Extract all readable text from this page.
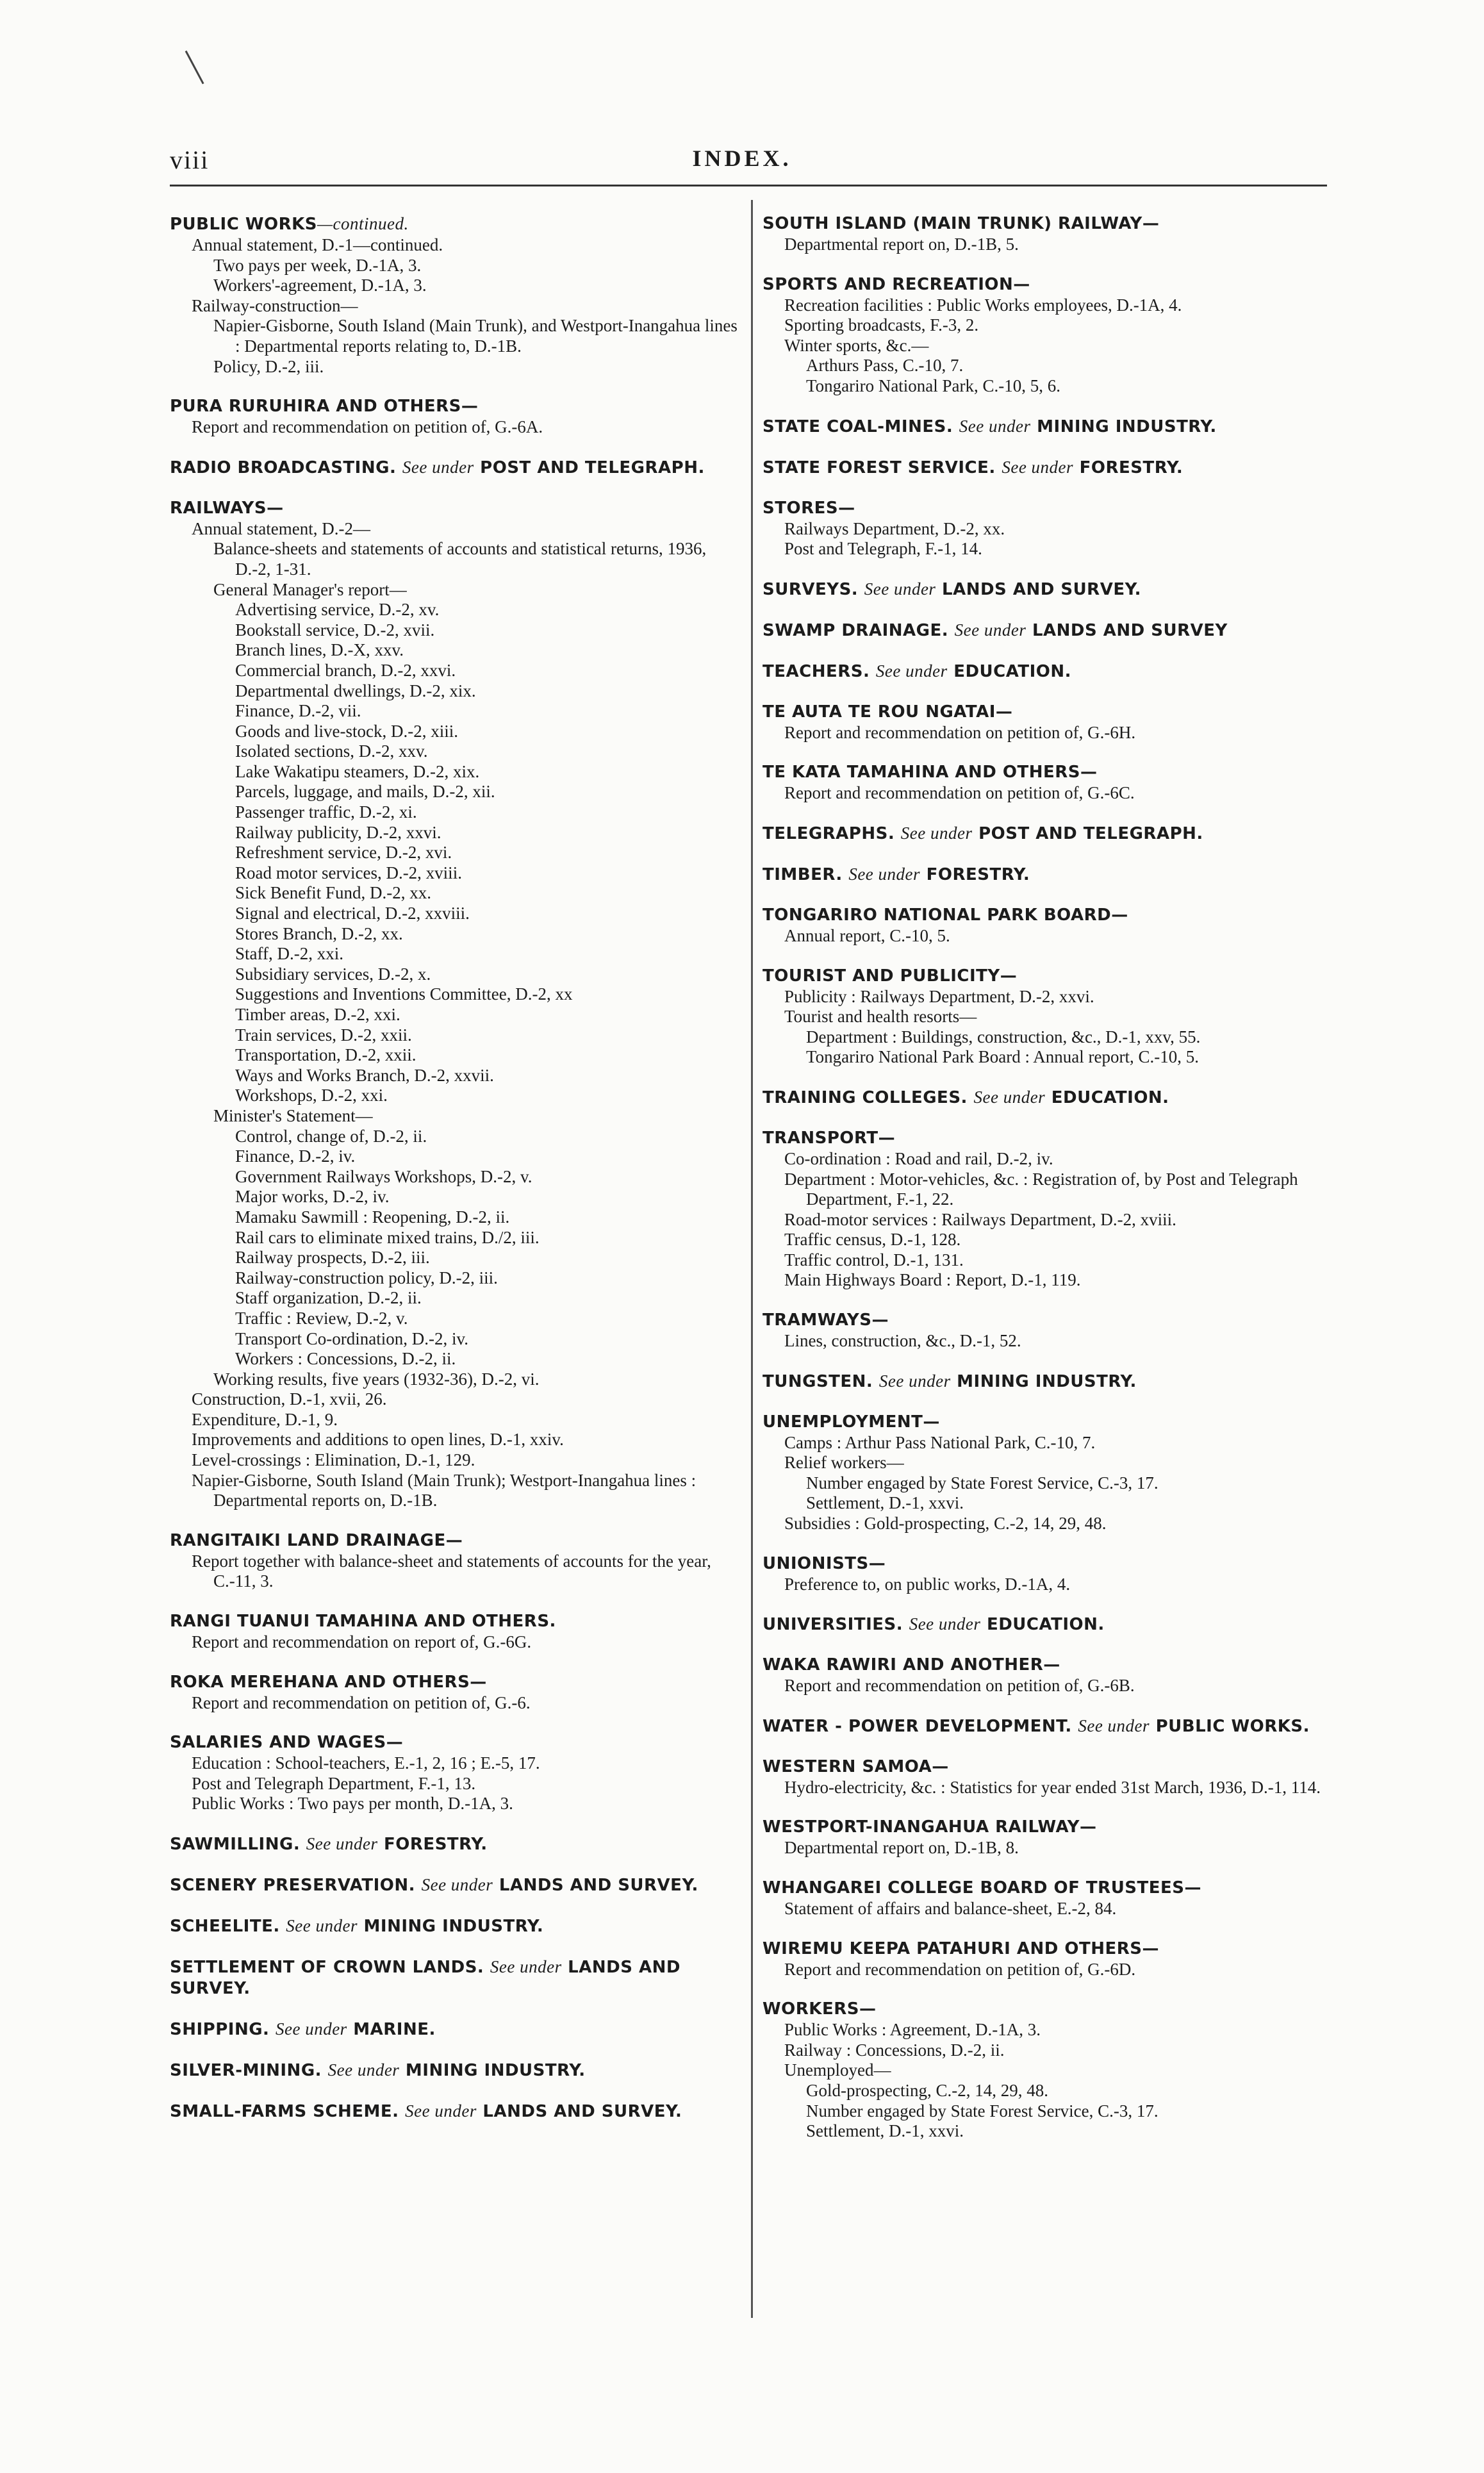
viii	INDEX.
PUBLIC WORKS—continued.
Annual statement, D.-1—continued.
Two pays per week, D.-1A, 3.
Workers'-agreement, D.-1A, 3.
Railway-construction—
Napier-Gisborne, South Island (Main Trunk), and Westport-Inangahua lines : Departmental reports relating to, D.-1B.
Policy, D.-2, iii.
PURA RURUHIRA AND OTHERS—
Report and recommendation on petition of, G.-6A.
RADIO BROADCASTING. See under POST AND TELEGRAPH.
RAILWAYS—
Annual statement, D.-2—
Balance-sheets and statements of accounts and statistical returns, 1936, D.-2, 1-31.
General Manager's report—
Advertising service, D.-2, xv.
Bookstall service, D.-2, xvii.
Branch lines, D.-X, xxv.
Commercial branch, D.-2, xxvi.
Departmental dwellings, D.-2, xix.
Finance, D.-2, vii.
Goods and live-stock, D.-2, xiii.
Isolated sections, D.-2, xxv.
Lake Wakatipu steamers, D.-2, xix.
Parcels, luggage, and mails, D.-2, xii.
Passenger traffic, D.-2, xi.
Railway publicity, D.-2, xxvi.
Refreshment service, D.-2, xvi.
Road motor services, D.-2, xviii.
Sick Benefit Fund, D.-2, xx.
Signal and electrical, D.-2, xxviii.
Stores Branch, D.-2, xx.
Staff, D.-2, xxi.
Subsidiary services, D.-2, x.
Suggestions and Inventions Committee, D.-2, xx
Timber areas, D.-2, xxi.
Train services, D.-2, xxii.
Transportation, D.-2, xxii.
Ways and Works Branch, D.-2, xxvii.
Workshops, D.-2, xxi.
Minister's Statement—
Control, change of, D.-2, ii.
Finance, D.-2, iv.
Government Railways Workshops, D.-2, v.
Major works, D.-2, iv.
Mamaku Sawmill : Reopening, D.-2, ii.
Rail cars to eliminate mixed trains, D./2, iii.
Railway prospects, D.-2, iii.
Railway-construction policy, D.-2, iii.
Staff organization, D.-2, ii.
Traffic : Review, D.-2, v.
Transport Co-ordination, D.-2, iv.
Workers : Concessions, D.-2, ii.
Working results, five years (1932-36), D.-2, vi.
Construction, D.-1, xvii, 26.
Expenditure, D.-1, 9.
Improvements and additions to open lines, D.-1, xxiv.
Level-crossings : Elimination, D.-1, 129.
Napier-Gisborne, South Island (Main Trunk); Westport-Inangahua lines : Departmental reports on, D.-1B.
RANGITAIKI LAND DRAINAGE—
Report together with balance-sheet and statements of accounts for the year, C.-11, 3.
RANGI TUANUI TAMAHINA AND OTHERS.
Report and recommendation on report of, G.-6G.
ROKA MEREHANA AND OTHERS—
Report and recommendation on petition of, G.-6.
SALARIES AND WAGES—
Education : School-teachers, E.-1, 2, 16 ; E.-5, 17.
Post and Telegraph Department, F.-1, 13.
Public Works : Two pays per month, D.-1A, 3.
SAWMILLING. See under FORESTRY.
SCENERY PRESERVATION. See under LANDS AND SURVEY.
SCHEELITE. See under MINING INDUSTRY.
SETTLEMENT OF CROWN LANDS. See under LANDS AND SURVEY.
SHIPPING. See under MARINE.
SILVER-MINING. See under MINING INDUSTRY.
SMALL-FARMS SCHEME. See under LANDS AND SURVEY.
SOUTH ISLAND (MAIN TRUNK) RAILWAY—
Departmental report on, D.-1B, 5.
SPORTS AND RECREATION—
Recreation facilities : Public Works employees, D.-1A, 4.
Sporting broadcasts, F.-3, 2.
Winter sports, &c.—
Arthurs Pass, C.-10, 7.
Tongariro National Park, C.-10, 5, 6.
STATE COAL-MINES. See under MINING INDUSTRY.
STATE FOREST SERVICE. See under FORESTRY.
STORES—
Railways Department, D.-2, xx.
Post and Telegraph, F.-1, 14.
SURVEYS. See under LANDS AND SURVEY.
SWAMP DRAINAGE. See under LANDS AND SURVEY
TEACHERS. See under EDUCATION.
TE AUTA TE ROU NGATAI—
Report and recommendation on petition of, G.-6H.
TE KATA TAMAHINA AND OTHERS—
Report and recommendation on petition of, G.-6C.
TELEGRAPHS. See under POST AND TELEGRAPH.
TIMBER. See under FORESTRY.
TONGARIRO NATIONAL PARK BOARD—
Annual report, C.-10, 5.
TOURIST AND PUBLICITY—
Publicity : Railways Department, D.-2, xxvi.
Tourist and health resorts—
Department : Buildings, construction, &c., D.-1, xxv, 55.
Tongariro National Park Board : Annual report, C.-10, 5.
TRAINING COLLEGES. See under EDUCATION.
TRANSPORT—
Co-ordination : Road and rail, D.-2, iv.
Department : Motor-vehicles, &c. : Registration of, by Post and Telegraph Department, F.-1, 22.
Road-motor services : Railways Department, D.-2, xviii.
Traffic census, D.-1, 128.
Traffic control, D.-1, 131.
Main Highways Board : Report, D.-1, 119.
TRAMWAYS—
Lines, construction, &c., D.-1, 52.
TUNGSTEN. See under MINING INDUSTRY.
UNEMPLOYMENT—
Camps : Arthur Pass National Park, C.-10, 7.
Relief workers—
Number engaged by State Forest Service, C.-3, 17.
Settlement, D.-1, xxvi.
Subsidies : Gold-prospecting, C.-2, 14, 29, 48.
UNIONISTS—
Preference to, on public works, D.-1A, 4.
UNIVERSITIES. See under EDUCATION.
WAKA RAWIRI AND ANOTHER—
Report and recommendation on petition of, G.-6B.
WATER - POWER DEVELOPMENT. See under PUBLIC WORKS.
WESTERN SAMOA—
Hydro-electricity, &c. : Statistics for year ended 31st March, 1936, D.-1, 114.
WESTPORT-INANGAHUA RAILWAY—
Departmental report on, D.-1B, 8.
WHANGAREI COLLEGE BOARD OF TRUSTEES—
Statement of affairs and balance-sheet, E.-2, 84.
WIREMU KEEPA PATAHURI AND OTHERS—
Report and recommendation on petition of, G.-6D.
WORKERS—
Public Works : Agreement, D.-1A, 3.
Railway : Concessions, D.-2, ii.
Unemployed—
Gold-prospecting, C.-2, 14, 29, 48.
Number engaged by State Forest Service, C.-3, 17.
Settlement, D.-1, xxvi.
